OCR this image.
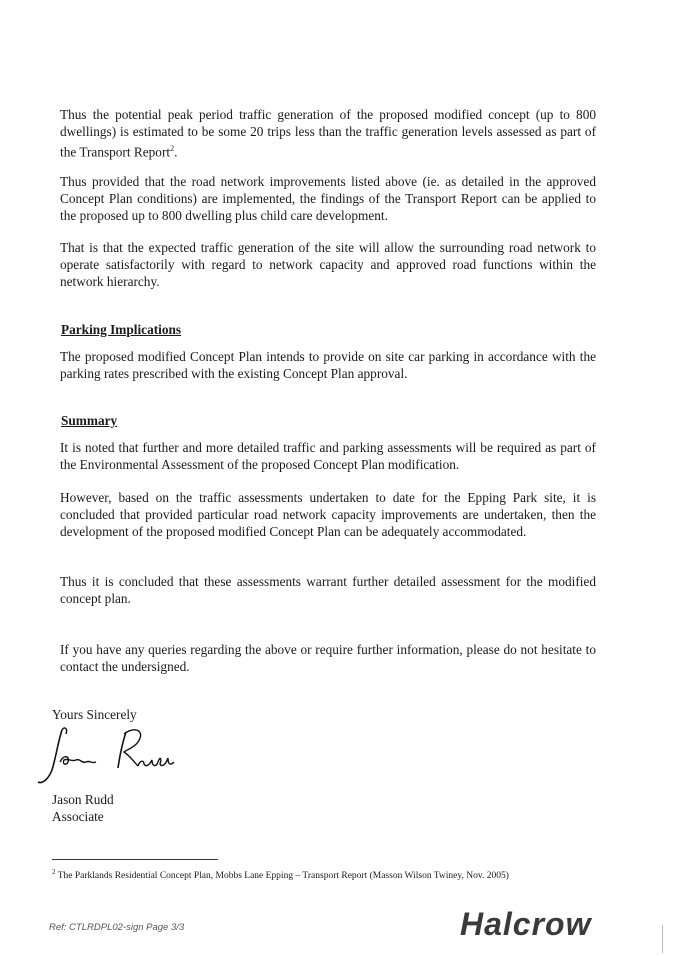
Thus the potential peak period traffic generation of the proposed modified concept (up to 800 dwellings) is estimated to be some 20 trips less than the traffic generation levels assessed as part of the Transport Report$^2$.
Thus provided that the road network improvements listed above (ie. as detailed in the approved Concept Plan conditions) are implemented, the findings of the Transport Report can be applied to the proposed up to 800 dwelling plus child care development.
That is that the expected traffic generation of the site will allow the surrounding road network to operate satisfactorily with regard to network capacity and approved road functions within the network hierarchy.
Parking Implications
The proposed modified Concept Plan intends to provide on site car parking in accordance with the parking rates prescribed with the existing Concept Plan approval.
Summary
It is noted that further and more detailed traffic and parking assessments will be required as part of the Environmental Assessment of the proposed Concept Plan modification.
However, based on the traffic assessments undertaken to date for the Epping Park site, it is concluded that provided particular road network capacity improvements are undertaken, then the development of the proposed modified Concept Plan can be adequately accommodated.
Thus it is concluded that these assessments warrant further detailed assessment for the modified concept plan.
If you have any queries regarding the above or require further information, please do not hesitate to contact the undersigned.
Yours Sincerely
Jason Rudd
Associate
$^2$ The Parklands Residential Concept Plan, Mobbs Lane Epping – Transport Report (Masson Wilson Twiney, Nov. 2005)
Ref: CTLRDPL02-sign Page 3/3	Halcrow
